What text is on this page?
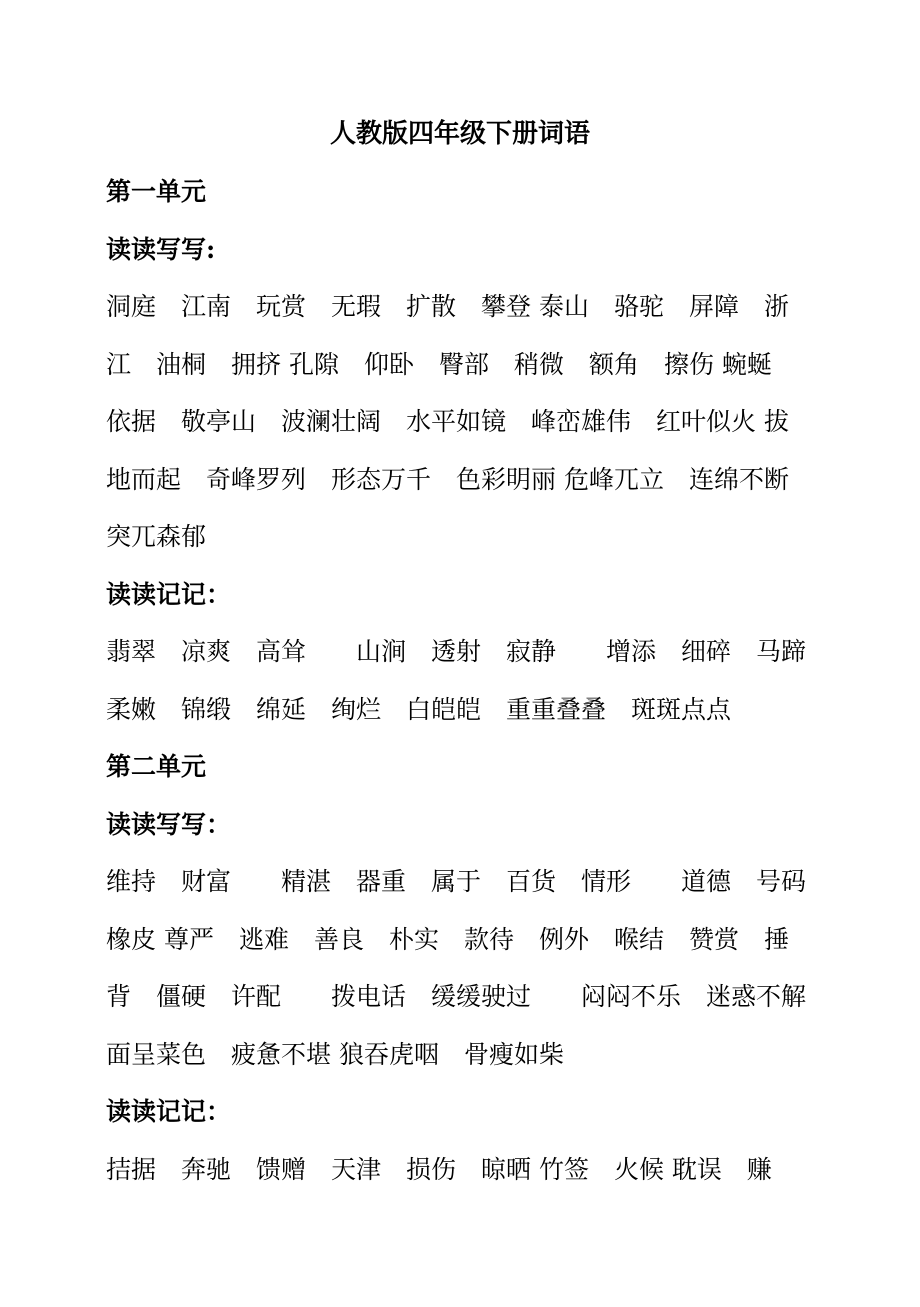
人教版四年级下册词语
第一单元
读读写写:
洞庭　江南　玩赏　无瑕　扩散　攀登 泰山　骆驼　屏障　浙
江　油桐　拥挤 孔隙　仰卧　臀部　稍微　额角　擦伤 蜿蜒
依据　敬亭山　波澜壮阔　水平如镜　峰峦雄伟　红叶似火 拔
地而起　奇峰罗列　形态万千　色彩明丽 危峰兀立　连绵不断
突兀森郁
读读记记：
翡翠　凉爽　高耸　　山涧　透射　寂静　　增添　细碎　马蹄
柔嫩　锦缎　绵延　绚烂　白皑皑　重重叠叠　斑斑点点
第二单元
读读写写：
维持　财富　　精湛　器重　属于　百货　情形　　道德　号码
橡皮 尊严　逃难　善良　朴实　款待　例外　喉结　赞赏　捶
背　僵硬　许配　　拨电话　缓缓驶过　　闷闷不乐　迷惑不解
面呈菜色　疲惫不堪 狼吞虎咽　骨瘦如柴
读读记记：
拮据　奔驰　馈赠　天津　损伤　晾晒 竹签　火候 耽误　赚
